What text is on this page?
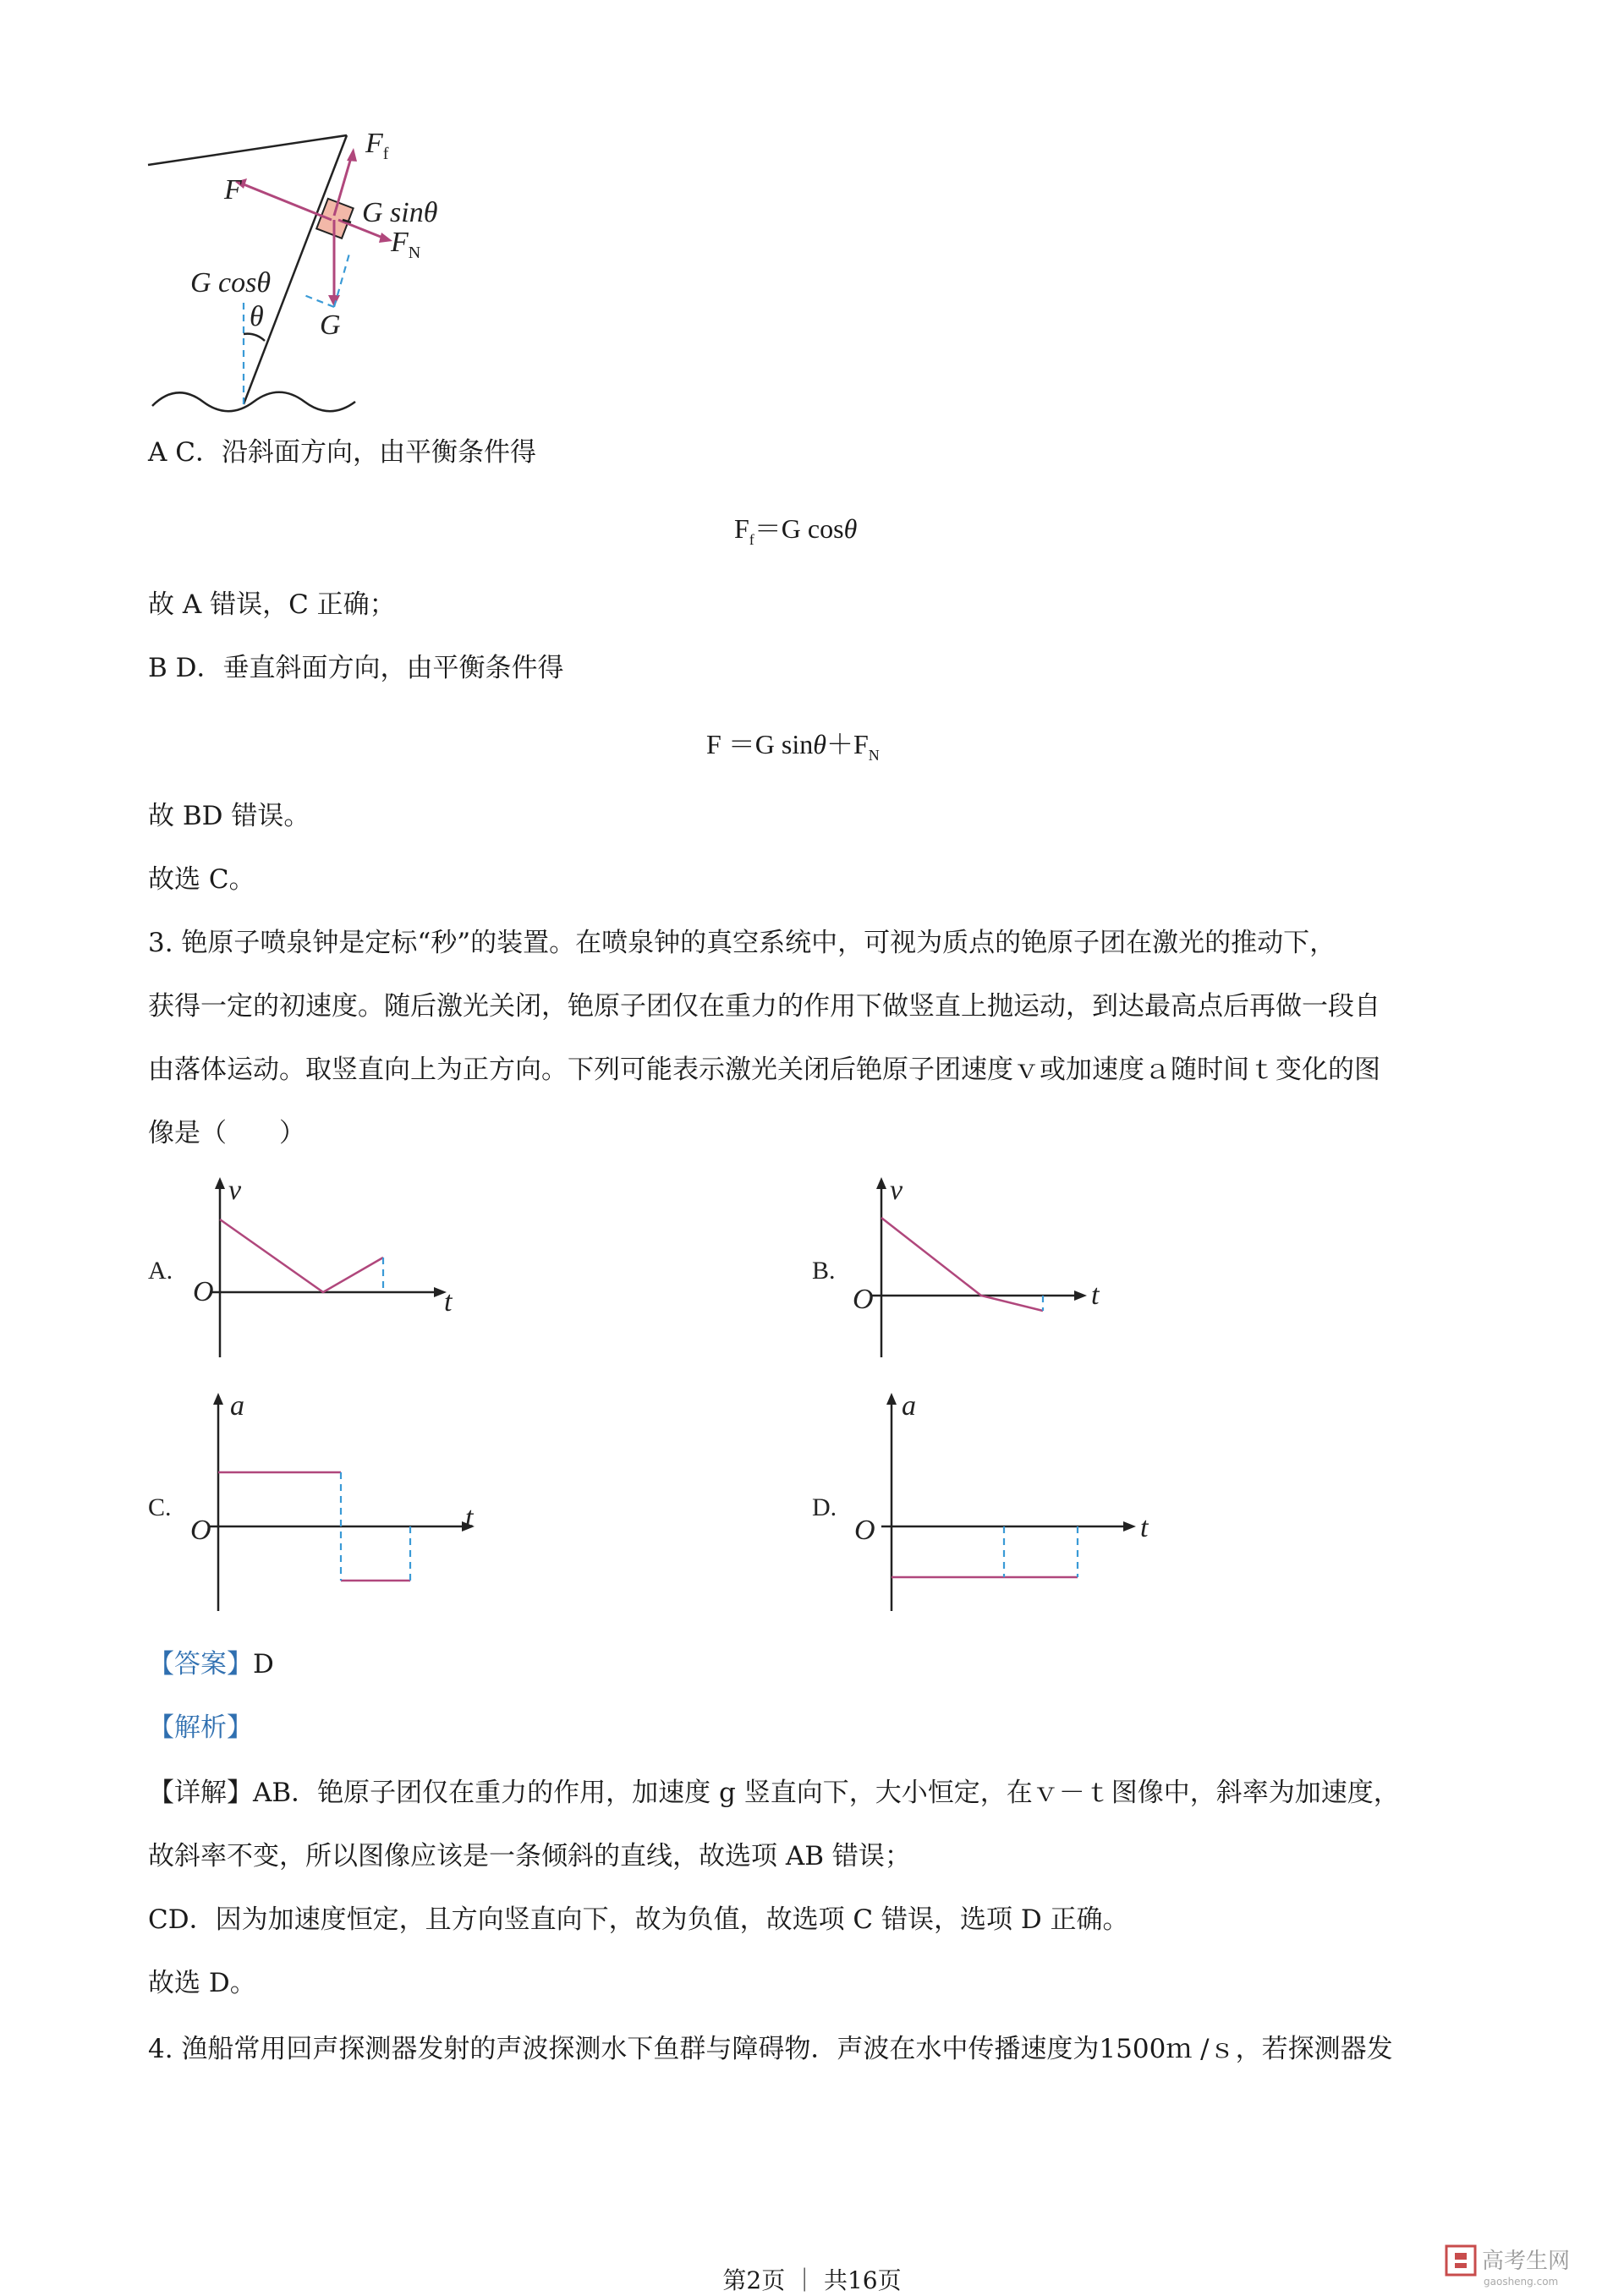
$F_f$
F
G sinθ
$F_N$
G cosθ
θ G
A C．沿斜面方向，由平衡条件得
$F_f=G$ cosθ
故 A 错误，C 正确；
B D．垂直斜面方向，由平衡条件得
F ＝G $\sin\theta+F_N$
故 BD 错误。
故选 C。
3. 铯原子喷泉钟是定标“秒”的装置。在喷泉钟的真空系统中，可视为质点的铯原子团在激光的推动下，
获得一定的初速度。随后激光关闭，铯原子团仅在重力的作用下做竖直上抛运动，到达最高点后再做一段自
由落体运动。取竖直向上为正方向。下列可能表示激光关闭后铯原子团速度ｖ或加速度ａ随时间ｔ变化的图
像是（　　）
A.
v
O	t
B.
v
O	t
C.
a
O	t	D.
a
O	t
【答案】D
【解析】
【详解】AB．铯原子团仅在重力的作用，加速度 g 竖直向下，大小恒定，在ｖ－ｔ图像中，斜率为加速度，
故斜率不变，所以图像应该是一条倾斜的直线，故选项 AB 错误；
CD．因为加速度恒定，且方向竖直向下，故为负值，故选项 C 错误，选项 D 正确。
故选 D。
4. 渔船常用回声探测器发射的声波探测水下鱼群与障碍物．声波在水中传播速度为1500ｍ /ｓ，若探测器发
第2页 ｜ 共16页
高考生网
gaosheng.com
